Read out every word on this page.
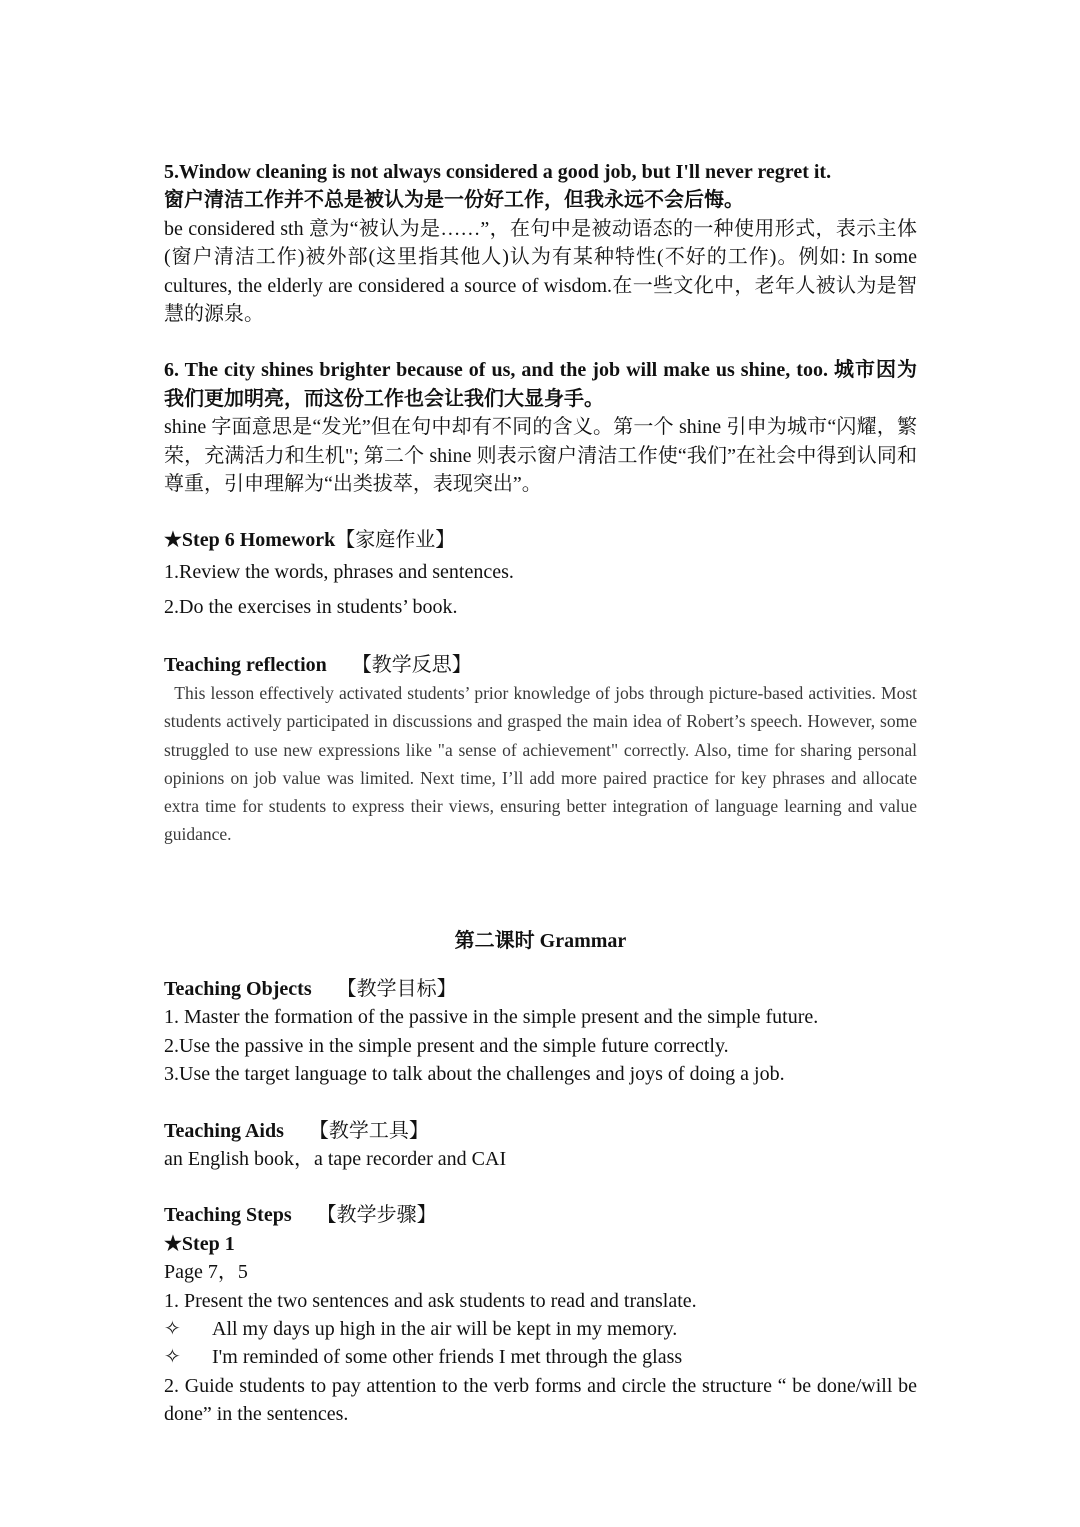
5.Window cleaning is not always considered a good job, but I'll never regret it.

窗户清洁工作并不总是被认为是一份好工作，但我永远不会后悔。

be considered sth 意为“被认为是……”，在句中是被动语态的一种使用形式，表示主体(窗户清洁工作)被外部(这里指其他人)认为有某种特性(不好的工作)。例如: In some cultures, the elderly are considered a source of wisdom.在一些文化中，老年人被认为是智慧的源泉。

6. The city shines brighter because of us, and the job will make us shine, too. 城市因为我们更加明亮，而这份工作也会让我们大显身手。

shine 字面意思是“发光”但在句中却有不同的含义。第一个 shine 引申为城市“闪耀，繁荣，充满活力和生机"; 第二个 shine 则表示窗户清洁工作使“我们”在社会中得到认同和尊重，引申理解为“出类拔萃，表现突出”。

★Step 6 Homework【家庭作业】

1.Review the words, phrases and sentences.

2.Do the exercises in students’ book.

Teaching reflection 【教学反思】

This lesson effectively activated students’ prior knowledge of jobs through picture-based activities. Most students actively participated in discussions and grasped the main idea of Robert’s speech. However, some struggled to use new expressions like "a sense of achievement" correctly. Also, time for sharing personal opinions on job value was limited. Next time, I’ll add more paired practice for key phrases and allocate extra time for students to express their views, ensuring better integration of language learning and value guidance.

第二课时 Grammar

Teaching Objects 【教学目标】

1. Master the formation of the passive in the simple present and the simple future.

2.Use the passive in the simple present and the simple future correctly.

3.Use the target language to talk about the challenges and joys of doing a job.

Teaching Aids 【教学工具】

an English book，a tape recorder and CAI

Teaching Steps 【教学步骤】

★Step 1

Page 7，5

1. Present the two sentences and ask students to read and translate.

✧	All my days up high in the air will be kept in my memory.

✧	I'm reminded of some other friends I met through the glass

2. Guide students to pay attention to the verb forms and circle the structure “ be done/will be done” in the sentences.
